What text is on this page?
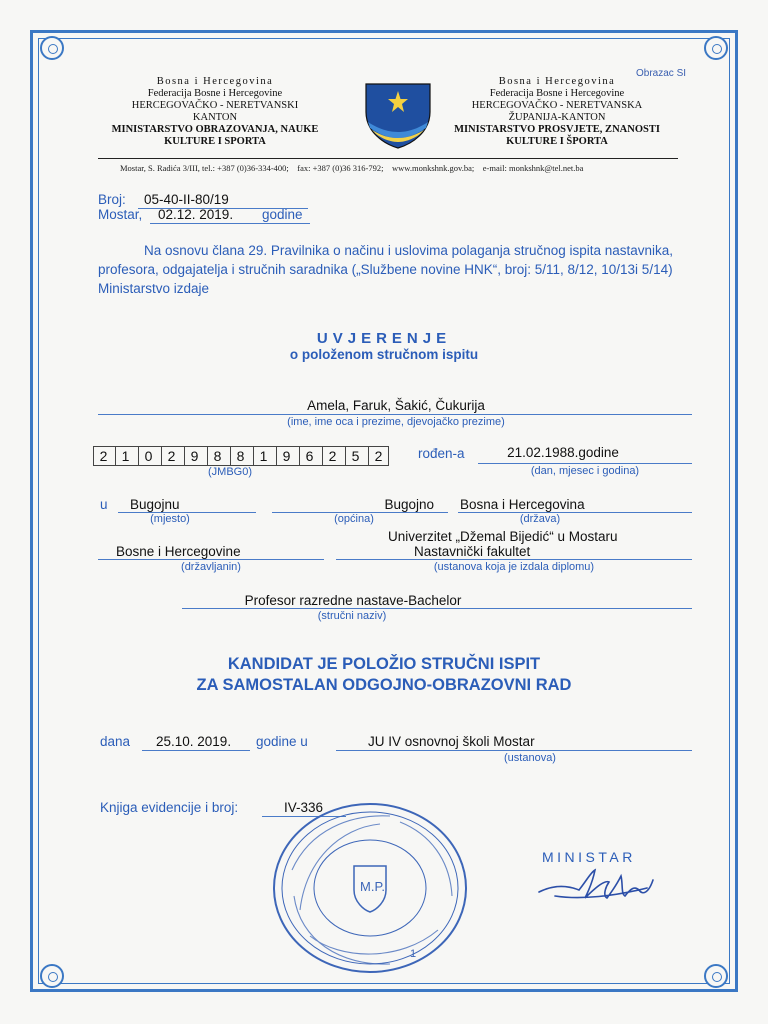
Obrazac SI
Bosna i Hercegovina
Federacija Bosne i Hercegovine
HERCEGOVAČKO - NERETVANSKI
KANTON
MINISTARSTVO OBRAZOVANJA, NAUKE
KULTURE I SPORTA
Bosna i Hercegovina
Federacija Bosne i Hercegovine
HERCEGOVAČKO - NERETVANSKA
ŽUPANIJA-KANTON
MINISTARSTVO PROSVJETE, ZNANOSTI
KULTURE I ŠPORTA
Mostar, S. Radića 3/III, tel.: +387 (0)36-334-400; fax: +387 (0)36 316-792; www.monkshnk.gov.ba; e-mail: monkshnk@tel.net.ba
Broj: 05-40-II-80/19
Mostar, 02.12. 2019. godine
Na osnovu člana 29. Pravilnika o načinu i uslovima polaganja stručnog ispita nastavnika, profesora, odgajatelja i stručnih saradnika („Službene novine HNK“, broj: 5/11, 8/12, 10/13i 5/14) Ministarstvo izdaje
UVJERENJE
o položenom stručnom ispitu
Amela, Faruk, Šakić, Čukurija
(ime, ime oca i prezime, djevojačko prezime)
2	1	0	2	9	8	8	1	9	6	2	5	2
(JMBG0)
rođen-a	21.02.1988.godine
(dan, mjesec i godina)
u Bugojnu
(mjesto)
Bugojno
(općina)
Bosna i Hercegovina
(država)
Univerzitet „Džemal Bijedić“ u Mostaru
Bosne i Hercegovine
(državljanin)
Nastavnički fakultet
(ustanova koja je izdala diplomu)
Profesor razredne nastave-Bachelor
(stručni naziv)
KANDIDAT JE POLOŽIO STRUČNI ISPIT
ZA SAMOSTALAN ODGOJNO-OBRAZOVNI RAD
dana 25.10. 2019. godine u	JU IV osnovnoj školi Mostar
(ustanova)
Knjiga evidencije i broj:	IV-336
M.P.
1
MINISTAR
